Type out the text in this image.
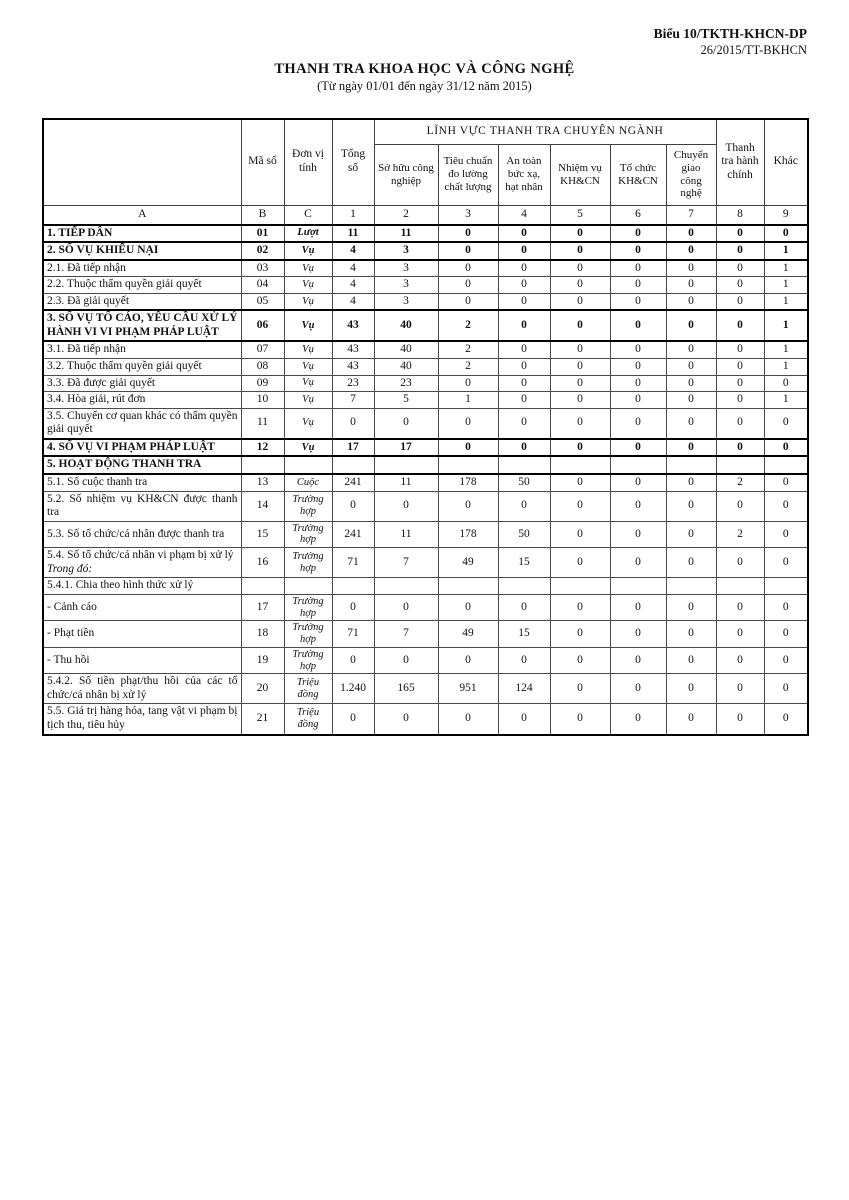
Biểu 10/TKTH-KHCN-DP
26/2015/TT-BKHCN
THANH TRA KHOA HỌC VÀ CÔNG NGHỆ
(Từ ngày 01/01 đến ngày 31/12 năm 2015)
	Mã số	Đơn vị tính	Tổng số	LĨNH VỰC THANH TRA CHUYÊN NGÀNH						Thanh tra hành chính	Khác
				Sở hữu công nghiệp	Tiêu chuẩn đo lường chất lượng	An toàn bức xạ, hạt nhân	Nhiệm vụ KH&CN	Tổ chức KH&CN	Chuyển giao công nghệ		
A	B	C	1	2	3	4	5	6	7	8	9
1. TIẾP DÂN	01	Lượt	11	11	0	0	0	0	0	0	0
2. SỐ VỤ KHIẾU NẠI	02	Vụ	4	3	0	0	0	0	0	0	1
2.1. Đã tiếp nhận	03	Vụ	4	3	0	0	0	0	0	0	1
2.2. Thuộc thẩm quyền giải quyết	04	Vụ	4	3	0	0	0	0	0	0	1
2.3. Đã giải quyết	05	Vụ	4	3	0	0	0	0	0	0	1
3. SỐ VỤ TỐ CÁO, YÊU CẦU XỬ LÝ HÀNH VI VI PHẠM PHÁP LUẬT	06	Vụ	43	40	2	0	0	0	0	0	1
3.1. Đã tiếp nhận	07	Vụ	43	40	2	0	0	0	0	0	1
3.2. Thuộc thẩm quyền giải quyết	08	Vụ	43	40	2	0	0	0	0	0	1
3.3. Đã được giải quyết	09	Vụ	23	23	0	0	0	0	0	0	0
3.4. Hòa giải, rút đơn	10	Vụ	7	5	1	0	0	0	0	0	1
3.5. Chuyển cơ quan khác có thẩm quyền giải quyết	11	Vụ	0	0	0	0	0	0	0	0	0
4. SỐ VỤ VI PHẠM PHÁP LUẬT	12	Vụ	17	17	0	0	0	0	0	0	0
5. HOẠT ĐỘNG THANH TRA											
5.1. Số cuộc thanh tra	13	Cuộc	241	11	178	50	0	0	0	2	0
5.2. Số nhiệm vụ KH&CN được thanh tra	14	Trường hợp	0	0	0	0	0	0	0	0	0
5.3. Số tổ chức/cá nhân được thanh tra	15	Trường hợp	241	11	178	50	0	0	0	2	0
5.4. Số tổ chức/cá nhân vi phạm bị xử lý
Trong đó:	16	Trường hợp	71	7	49	15	0	0	0	0	0
5.4.1. Chia theo hình thức xử lý											
- Cảnh cáo	17	Trường hợp	0	0	0	0	0	0	0	0	0
- Phạt tiền	18	Trường hợp	71	7	49	15	0	0	0	0	0
- Thu hồi	19	Trường hợp	0	0	0	0	0	0	0	0	0
5.4.2. Số tiền phạt/thu hồi của các tổ chức/cá nhân bị xử lý	20	Triệu đồng	1.240	165	951	124	0	0	0	0	0
5.5. Giá trị hàng hóa, tang vật vi phạm bị tịch thu, tiêu hủy	21	Triệu đồng	0	0	0	0	0	0	0	0	0
